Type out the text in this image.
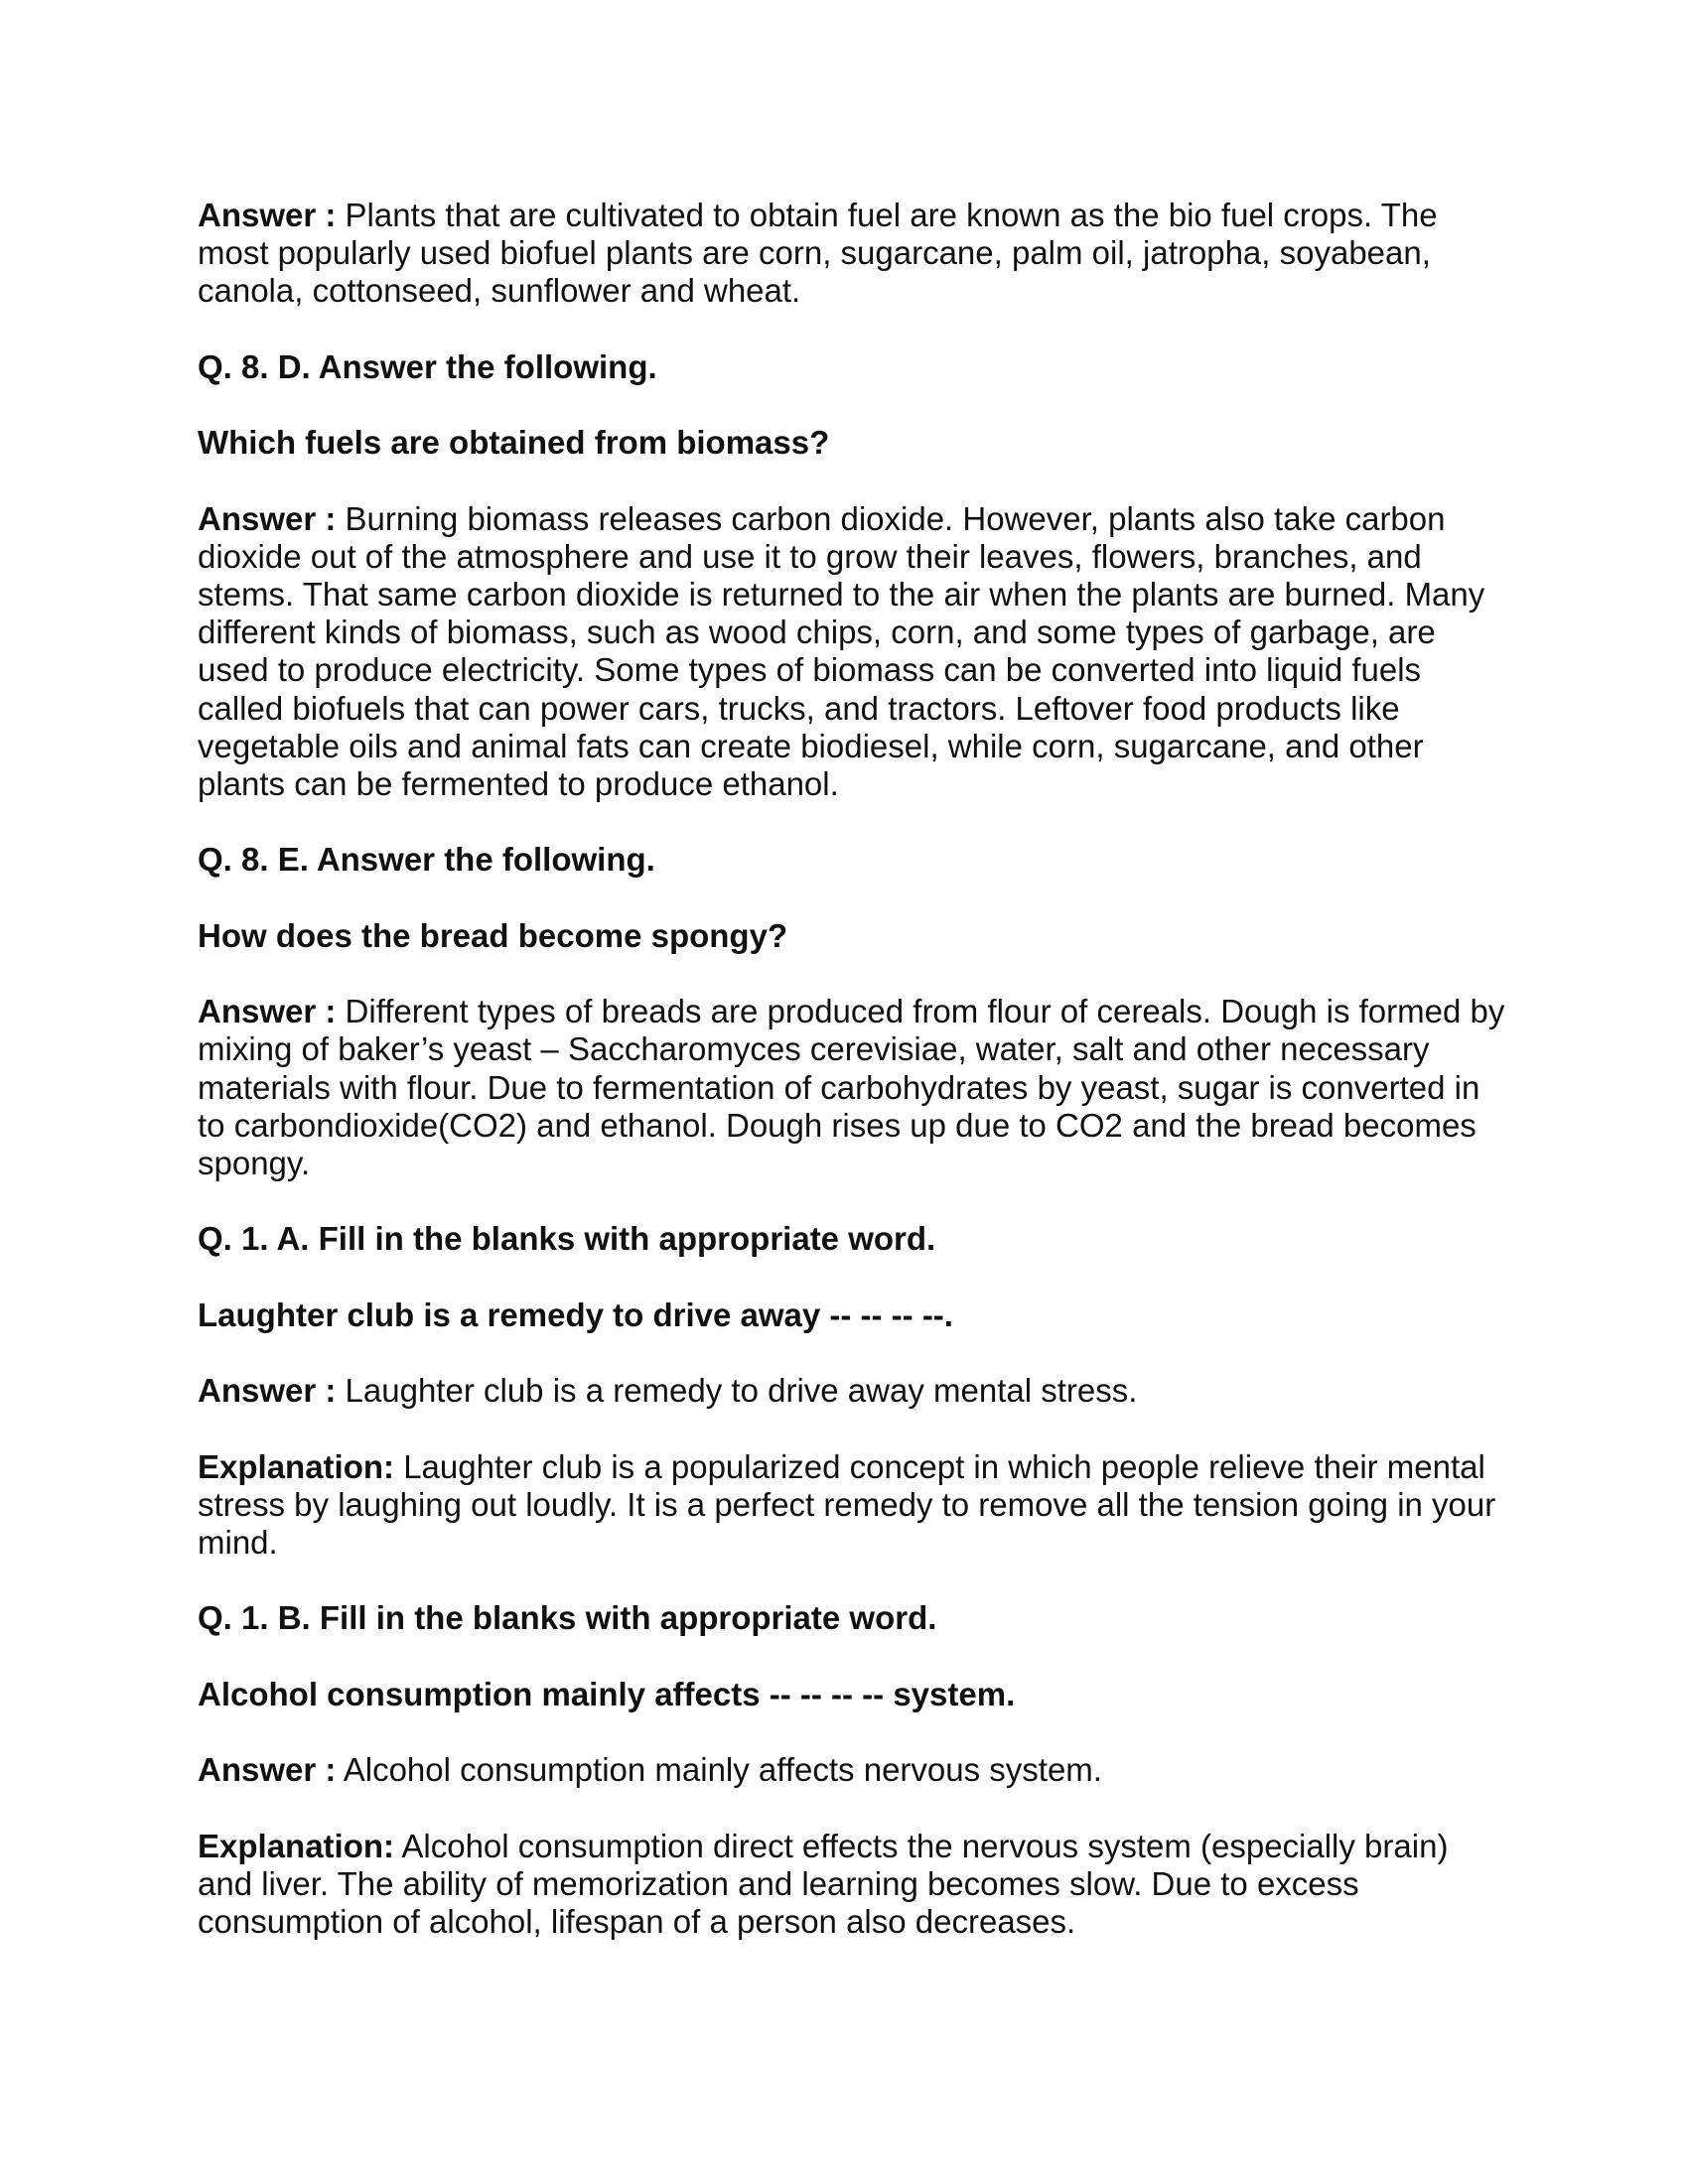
Answer : Plants that are cultivated to obtain fuel are known as the bio fuel crops. The most popularly used biofuel plants are corn, sugarcane, palm oil, jatropha, soyabean, canola, cottonseed, sunflower and wheat.

Q. 8. D. Answer the following.

Which fuels are obtained from biomass?

Answer : Burning biomass releases carbon dioxide. However, plants also take carbon dioxide out of the atmosphere and use it to grow their leaves, flowers, branches, and stems. That same carbon dioxide is returned to the air when the plants are burned. Many different kinds of biomass, such as wood chips, corn, and some types of garbage, are used to produce electricity. Some types of biomass can be converted into liquid fuels called biofuels that can power cars, trucks, and tractors. Leftover food products like vegetable oils and animal fats can create biodiesel, while corn, sugarcane, and other plants can be fermented to produce ethanol.

Q. 8. E. Answer the following.

How does the bread become spongy?

Answer : Different types of breads are produced from flour of cereals. Dough is formed by mixing of baker’s yeast – Saccharomyces cerevisiae, water, salt and other necessary materials with flour. Due to fermentation of carbohydrates by yeast, sugar is converted in to carbondioxide(CO2) and ethanol. Dough rises up due to CO2 and the bread becomes spongy.

Q. 1. A. Fill in the blanks with appropriate word.

Laughter club is a remedy to drive away -- -- -- --.

Answer : Laughter club is a remedy to drive away mental stress.

Explanation: Laughter club is a popularized concept in which people relieve their mental stress by laughing out loudly. It is a perfect remedy to remove all the tension going in your mind.

Q. 1. B. Fill in the blanks with appropriate word.

Alcohol consumption mainly affects -- -- -- -- system.

Answer : Alcohol consumption mainly affects nervous system.

Explanation: Alcohol consumption direct effects the nervous system (especially brain) and liver. The ability of memorization and learning becomes slow. Due to excess consumption of alcohol, lifespan of a person also decreases.
